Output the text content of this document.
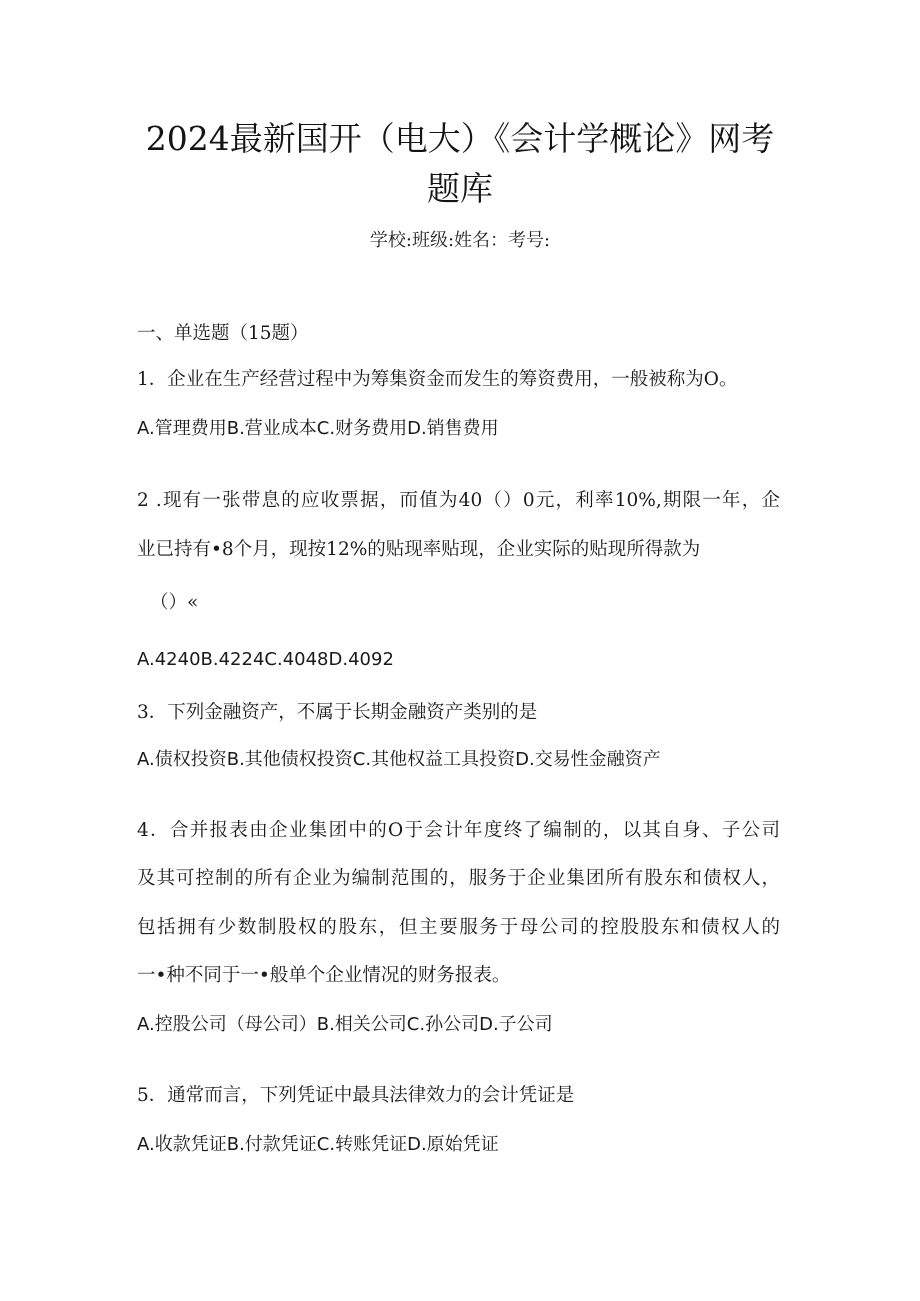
2024最新国开（电大）《会计学概论》网考
题库
学校:班级:姓名：考号:
一、单选题（15题）
1．企业在生产经营过程中为筹集资金而发生的筹资费用，一般被称为O。
A.管理费用B.营业成本C.财务费用D.销售费用
2 .现有一张带息的应收票据，而值为40（）0元，利率10%,期限一年，企
业已持有•8个月，现按12%的贴现率贴现，企业实际的贴现所得款为
（）«
A.4240B.4224C.4048D.4092
3．下列金融资产，不属于长期金融资产类别的是
A.债权投资B.其他债权投资C.其他权益工具投资D.交易性金融资产
4．合并报表由企业集团中的O于会计年度终了编制的，以其自身、子公司
及其可控制的所有企业为编制范围的，服务于企业集团所有股东和债权人，
包括拥有少数制股权的股东，但主要服务于母公司的控股股东和债权人的
一•种不同于一•般单个企业情况的财务报表。
A.控股公司（母公司）B.相关公司C.孙公司D.子公司
5．通常而言，下列凭证中最具法律效力的会计凭证是
A.收款凭证B.付款凭证C.转账凭证D.原始凭证
